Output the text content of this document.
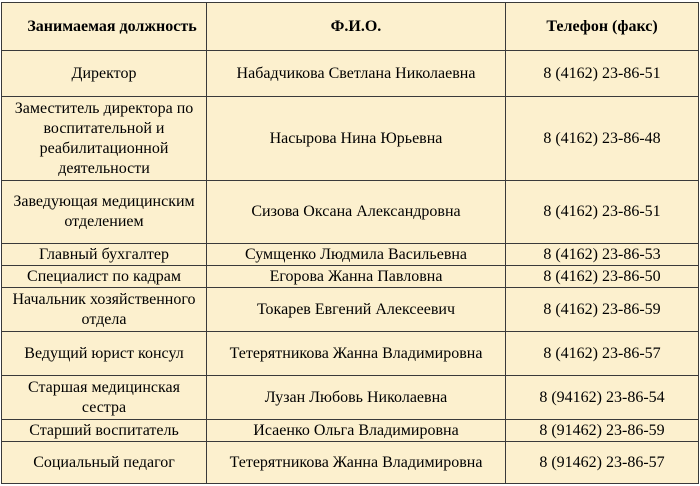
Занимаемая должность	Ф.И.О.	Телефон (факс)
Директор	Набадчикова Светлана Николаевна	8 (4162) 23-86-51
Заместитель директора по воспитательной и реабилитационной деятельности	Насырова Нина Юрьевна	8 (4162) 23-86-48
Заведующая медицинским отделением	Сизова Оксана Александровна	8 (4162) 23-86-51
Главный бухгалтер	Сумщенко Людмила Васильевна	8 (4162) 23-86-53
Специалист по кадрам	Егорова Жанна Павловна	8 (4162) 23-86-50
Начальник хозяйственного отдела	Токарев Евгений Алексеевич	8 (4162) 23-86-59
Ведущий юрист консул	Тетерятникова Жанна Владимировна	8 (4162) 23-86-57
Старшая медицинская сестра	Лузан Любовь Николаевна	8 (94162) 23-86-54
Старший воспитатель	Исаенко Ольга Владимировна	8 (91462) 23-86-59
Социальный педагог	Тетерятникова Жанна Владимировна	8 (91462) 23-86-57
